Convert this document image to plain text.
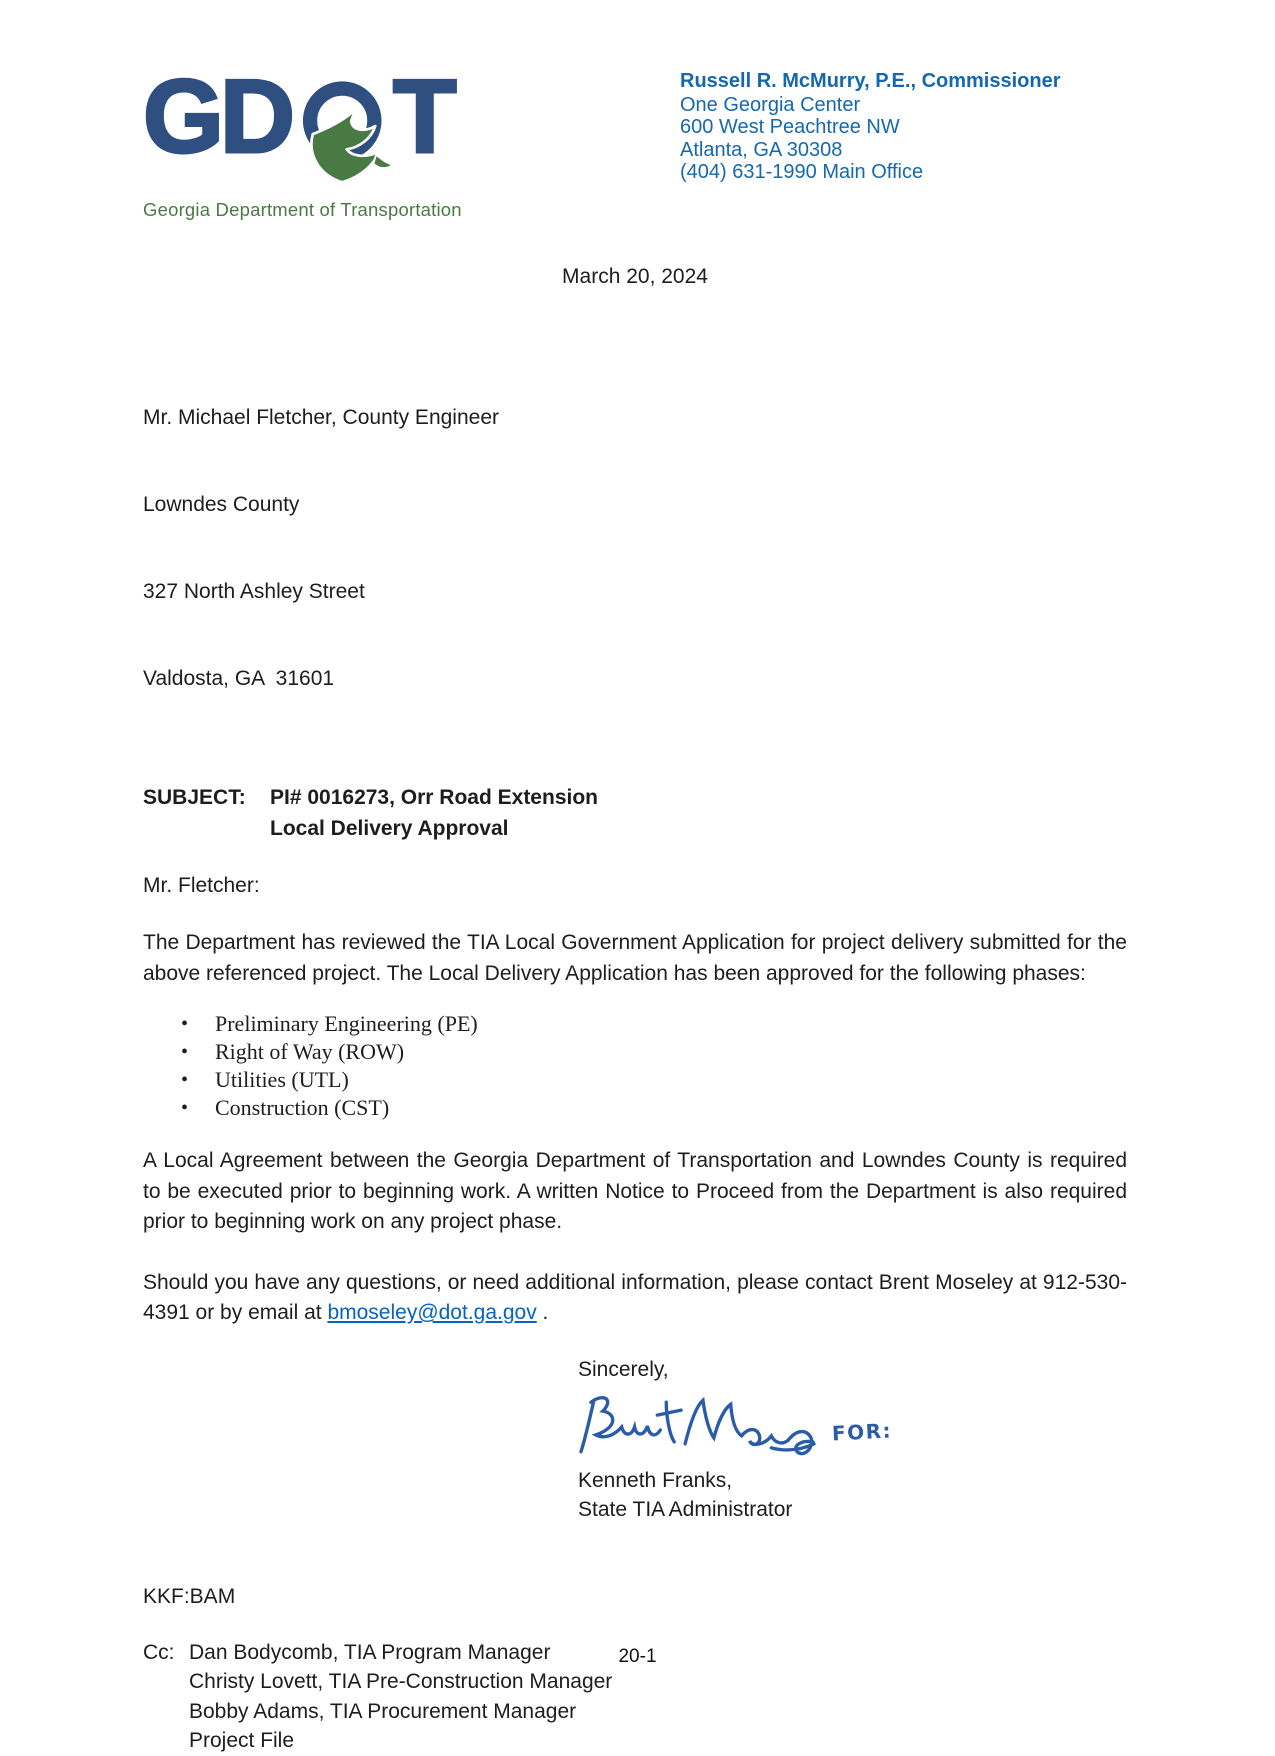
GD T
Georgia Department of Transportation
Russell R. McMurry, P.E., Commissioner
One Georgia Center
600 West Peachtree NW
Atlanta, GA 30308
(404) 631-1990 Main Office

March 20, 2024

Mr. Michael Fletcher, County Engineer

Lowndes County

327 North Ashley Street

Valdosta, GA  31601

SUBJECT:	PI# 0016273, Orr Road Extension
Local Delivery Approval

Mr. Fletcher:

The Department has reviewed the TIA Local Government Application for project delivery submitted for the above referenced project. The Local Delivery Application has been approved for the following phases:

• Preliminary Engineering (PE)
• Right of Way (ROW)
• Utilities (UTL)
• Construction (CST)

A Local Agreement between the Georgia Department of Transportation and Lowndes County is required to be executed prior to beginning work. A written Notice to Proceed from the Department is also required prior to beginning work on any project phase.

Should you have any questions, or need additional information, please contact Brent Moseley at 912-530-4391 or by email at bmoseley@dot.ga.gov .

Sincerely,
FOR:
Kenneth Franks,
State TIA Administrator

KKF:BAM

Cc: Dan Bodycomb, TIA Program Manager
Christy Lovett, TIA Pre-Construction Manager
Bobby Adams, TIA Procurement Manager
Project File
20-1
